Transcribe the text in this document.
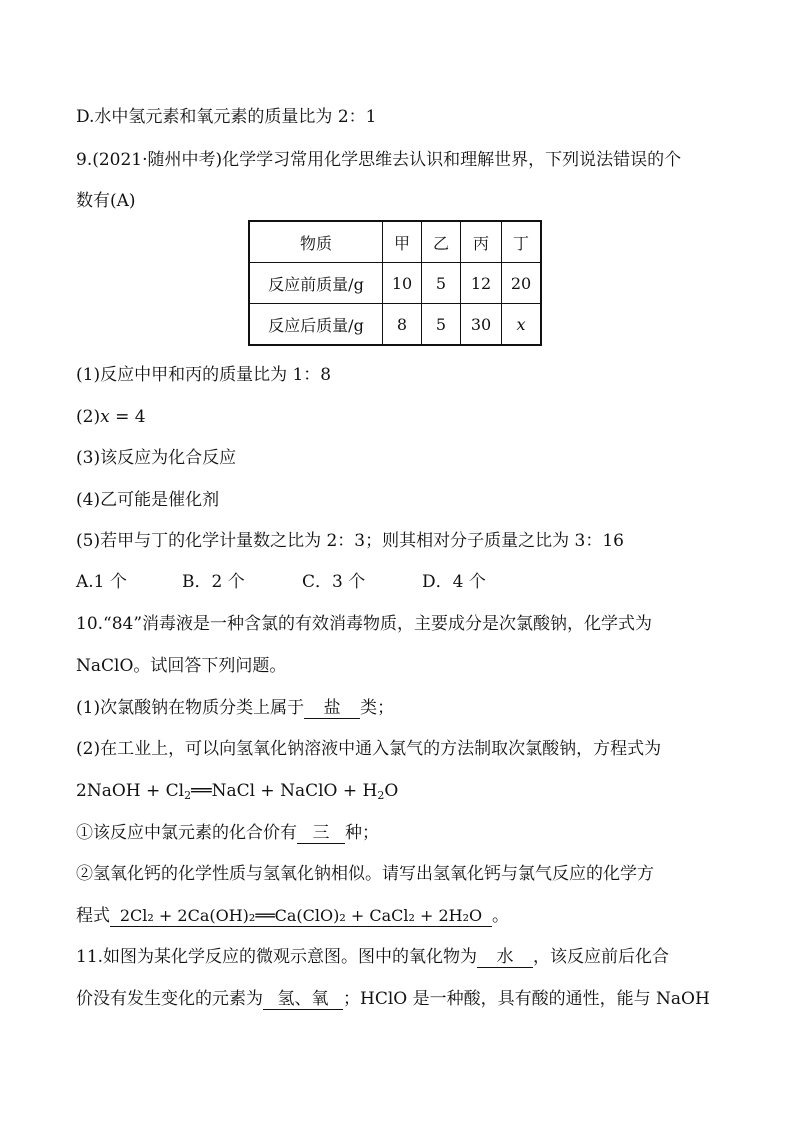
D.水中氢元素和氧元素的质量比为 2：1
9.(2021·随州中考)化学学习常用化学思维去认识和理解世界，下列说法错误的个
数有(A)
物质	甲	乙	丙	丁
反应前质量/g	10	5	12	20
反应后质量/g	8	5	30	x
(1)反应中甲和丙的质量比为 1：8
(2)x = 4
(3)该反应为化合反应
(4)乙可能是催化剂
(5)若甲与丁的化学计量数之比为 2：3；则其相对分子质量之比为 3：16
A.1 个	B．2 个	C．3 个	D．4 个
10.“84”消毒液是一种含氯的有效消毒物质，主要成分是次氯酸钠，化学式为
NaClO。试回答下列问题。
(1)次氯酸钠在物质分类上属于 盐 类；
(2)在工业上，可以向氢氧化钠溶液中通入氯气的方法制取次氯酸钠，方程式为
2NaOH + $Cl_2══NaCl$ + NaClO + $H_2O$
①该反应中氯元素的化合价有 三 种；
②氢氧化钙的化学性质与氢氧化钠相似。请写出氢氧化钙与氯气反应的化学方
程式 2Cl₂ + 2Ca(OH)₂══Ca(ClO)₂ + CaCl₂ + 2H₂O 。
11.如图为某化学反应的微观示意图。图中的氧化物为 水 ，该反应前后化合
价没有发生变化的元素为 氢、氧 ；HClO 是一种酸，具有酸的通性，能与 NaOH
